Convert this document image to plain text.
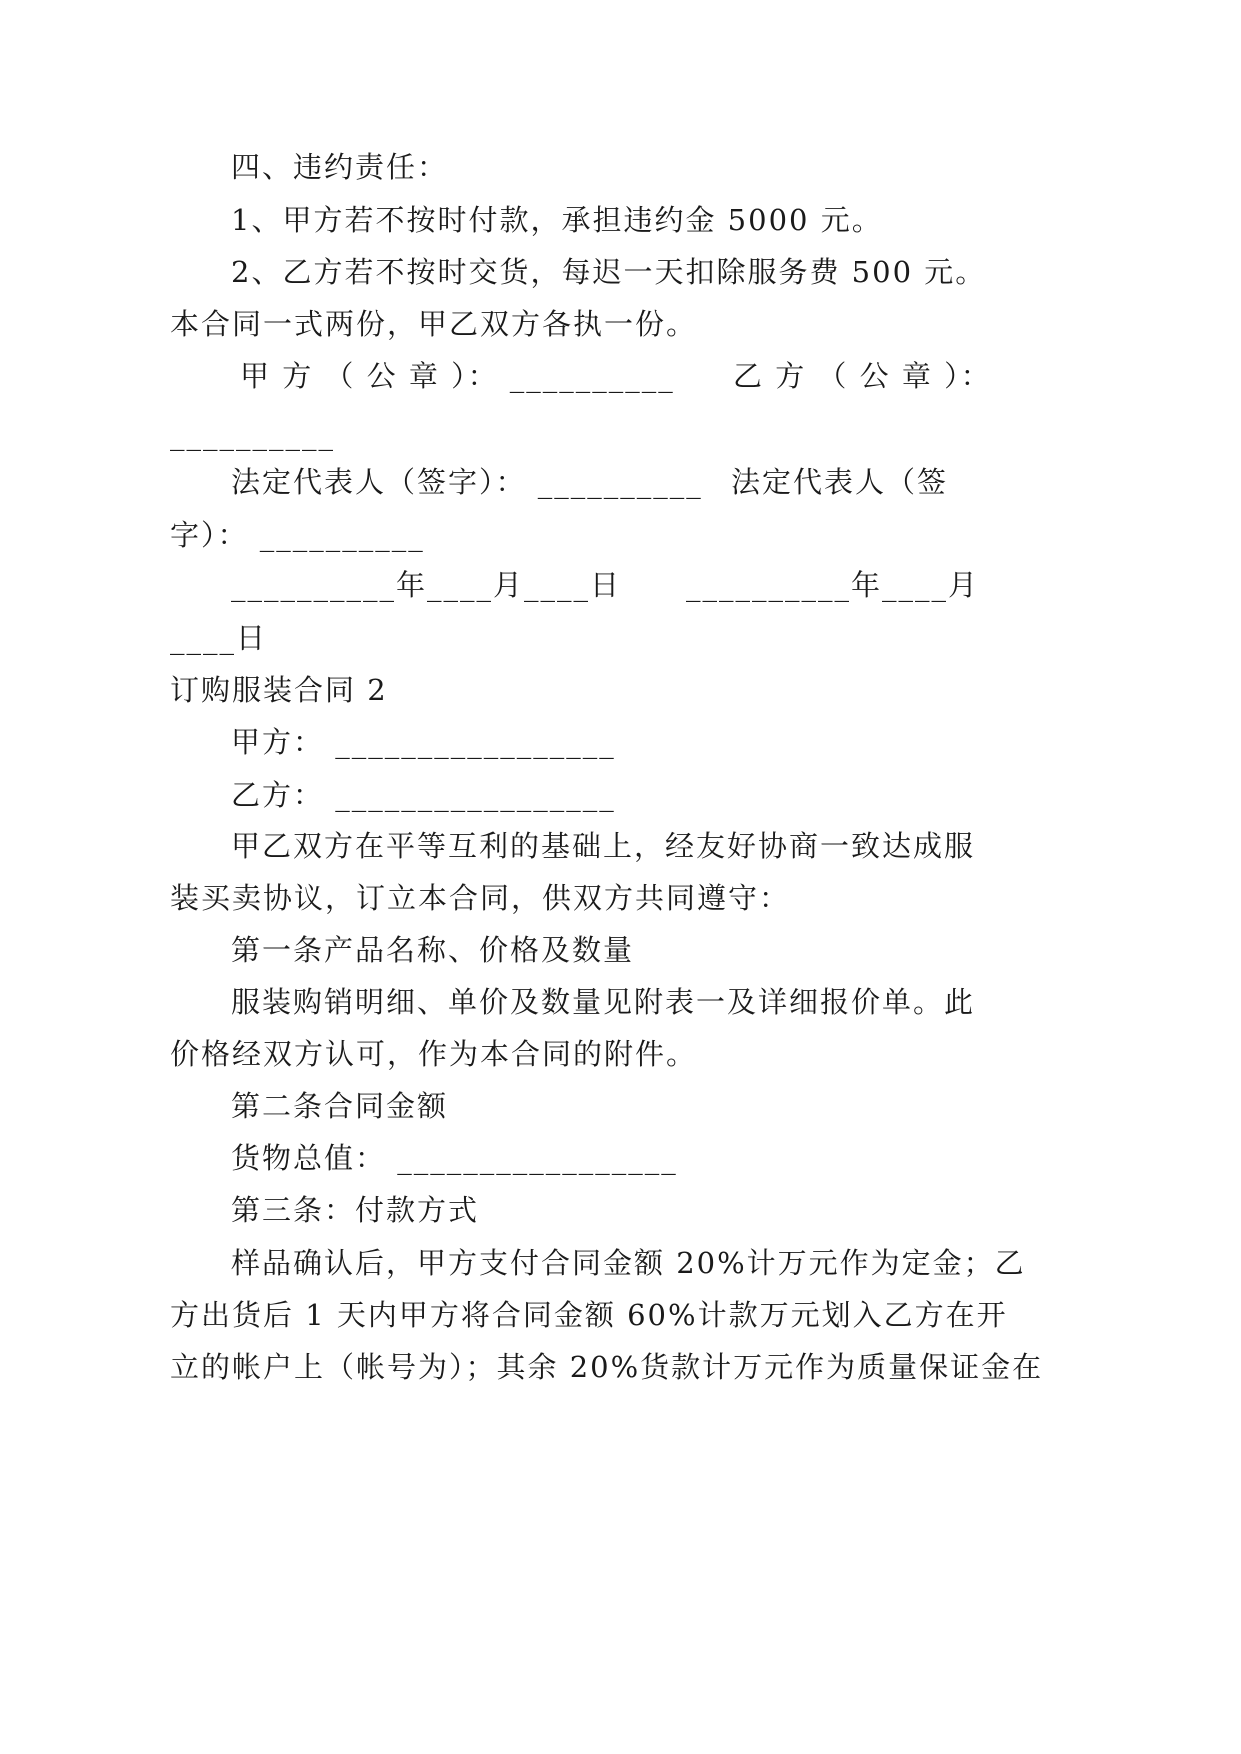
四、违约责任：
1、甲方若不按时付款，承担违约金 5000 元。
2、乙方若不按时交货，每迟一天扣除服务费 500 元。
本合同一式两份，甲乙双方各执一份。
甲 方 （ 公 章 ）： __________ 乙 方 （ 公 章 ）：
__________
法定代表人（签字）： __________ 法定代表人（签
字）： __________
__________年____月____日 __________年____月
____日
订购服装合同 2
甲方： _________________
乙方： _________________
甲乙双方在平等互利的基础上，经友好协商一致达成服
装买卖协议，订立本合同，供双方共同遵守：
第一条产品名称、价格及数量
服装购销明细、单价及数量见附表一及详细报价单。此
价格经双方认可，作为本合同的附件。
第二条合同金额
货物总值： _________________
第三条：付款方式
样品确认后，甲方支付合同金额 20%计万元作为定金；乙
方出货后 1 天内甲方将合同金额 60%计款万元划入乙方在开
立的帐户上（帐号为）；其余 20%货款计万元作为质量保证金在
